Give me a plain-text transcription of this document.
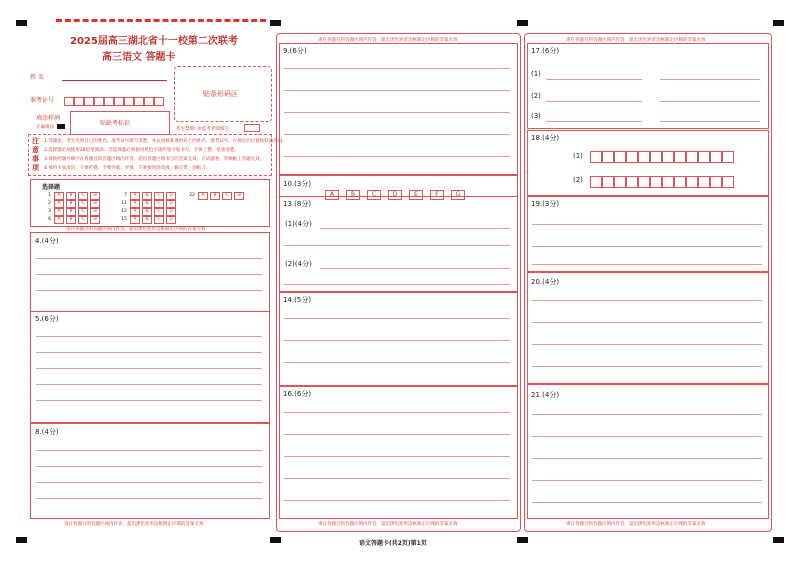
2025届高三湖北省十一校第二次联考
高三语文 答题卡
姓 名
准考证号
贴条形码区
填涂样例
正确填涂
贴缺考标识
考生禁填! 由监考老师填写
注意事项
1.答题前，考生先将自己的姓名、准考证号填写清楚，并认真核准条形码上的姓名、准考证号。在规定的位置贴好条形码。
2.选择题必须使用2B铅笔填涂；非选择题必须使用黑色字迹的签字笔书写，字体工整、笔迹清楚。
3.请按照题号顺序在各题目的答题区域内作答，超出答题区域书写的答案无效；在试题卷、草稿纸上答题无效。
4.保持卡面清洁，不要折叠、不要弄破、弄皱，不准使用涂改液、修正带、刮纸刀。
选择题
1 A B C D
2 A B C D
3 A B C D
6 A B C D
7 A B C D
11 A B C D
12 A B C D
15 A B C D
22 A B C D
请在各题目的答题区域内作答，超出黑色矩形边框限定区域的答案无效
4.(4分)
5.(6分)
8.(4分)
请在各题目的答题区域内作答，超出黑色矩形边框限定区域的答案无效
请在各题目的答题区域内作答，超出黑色矩形边框限定区域的答案无效
9.(6分)
10.(3分)
A	B	C	D	E	F	G
13.(8分)
(1)(4分)
(2)(4分)
14.(5分)
16.(6分)
请在各题目的答题区域内作答，超出黑色矩形边框限定区域的答案无效
请在各题目的答题区域内作答，超出黑色矩形边框限定区域的答案无效
17.(6分)
(1)
(2)
(3)
18.(4分)
(1)
(2)
19.(3分)
20.(4分)
21.(4分)
请在各题目的答题区域内作答，超出黑色矩形边框限定区域的答案无效
语文答题卡(共2页)第1页
